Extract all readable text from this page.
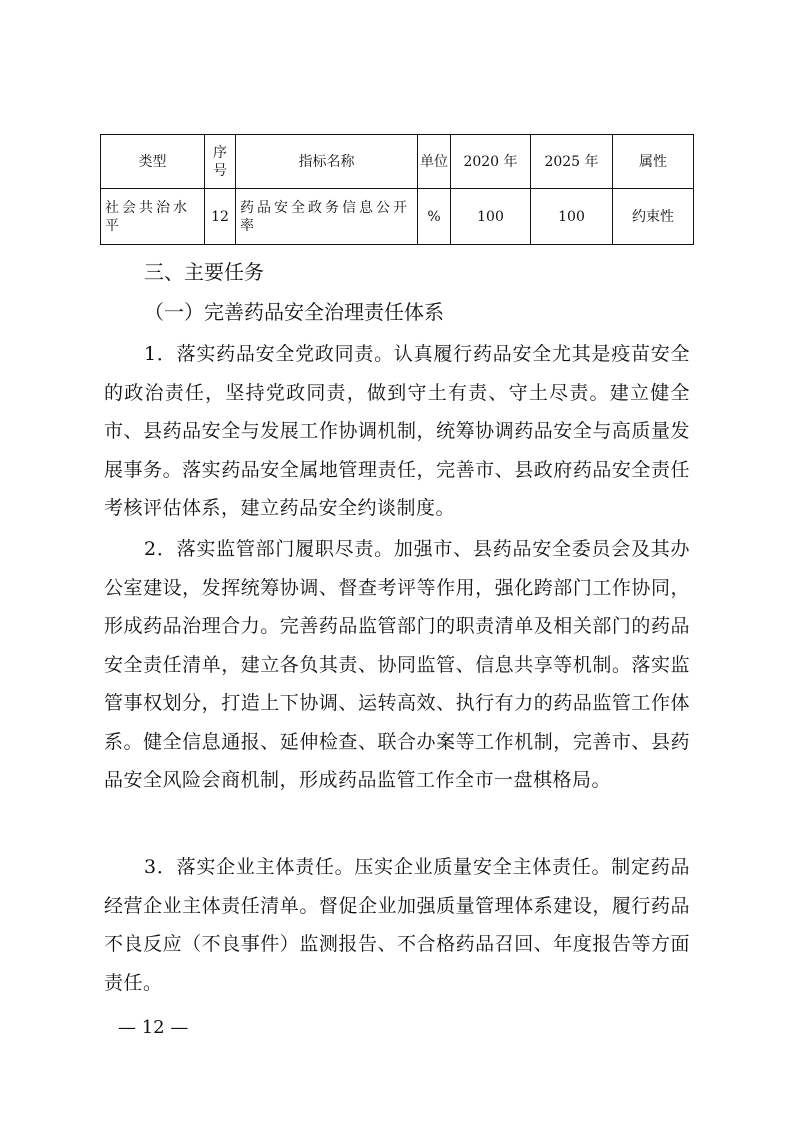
类型	序号	指标名称	单位	2020 年	2025 年	属性
社会共治水平	12	药品安全政务信息公开率	%	100	100	约束性
三、主要任务
（一）完善药品安全治理责任体系

1．落实药品安全党政同责。认真履行药品安全尤其是疫苗安全的政治责任，坚持党政同责，做到守土有责、守土尽责。建立健全市、县药品安全与发展工作协调机制，统筹协调药品安全与高质量发展事务。落实药品安全属地管理责任，完善市、县政府药品安全责任考核评估体系，建立药品安全约谈制度。

2．落实监管部门履职尽责。加强市、县药品安全委员会及其办公室建设，发挥统筹协调、督查考评等作用，强化跨部门工作协同，形成药品治理合力。完善药品监管部门的职责清单及相关部门的药品安全责任清单，建立各负其责、协同监管、信息共享等机制。落实监管事权划分，打造上下协调、运转高效、执行有力的药品监管工作体系。健全信息通报、延伸检查、联合办案等工作机制，完善市、县药品安全风险会商机制，形成药品监管工作全市一盘棋格局。

3．落实企业主体责任。压实企业质量安全主体责任。制定药品经营企业主体责任清单。督促企业加强质量管理体系建设，履行药品不良反应（不良事件）监测报告、不合格药品召回、年度报告等方面责任。

— 12 —
